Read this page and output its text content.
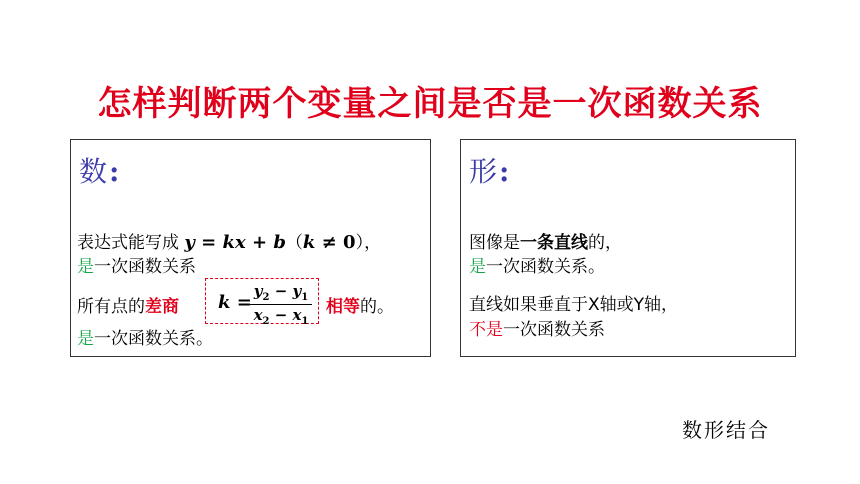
怎样判断两个变量之间是否是一次函数关系
数:
表达式能写成 y = kx + b（k ≠ 0），
是一次函数关系
所有点的差商	相等的。
是一次函数关系。
k =
$\frac{y_2 - y_1}{x_2 - x_1}$
形:
图像是一条直线的，
是一次函数关系。
直线如果垂直于X轴或Y轴，
不是一次函数关系
数形结合
